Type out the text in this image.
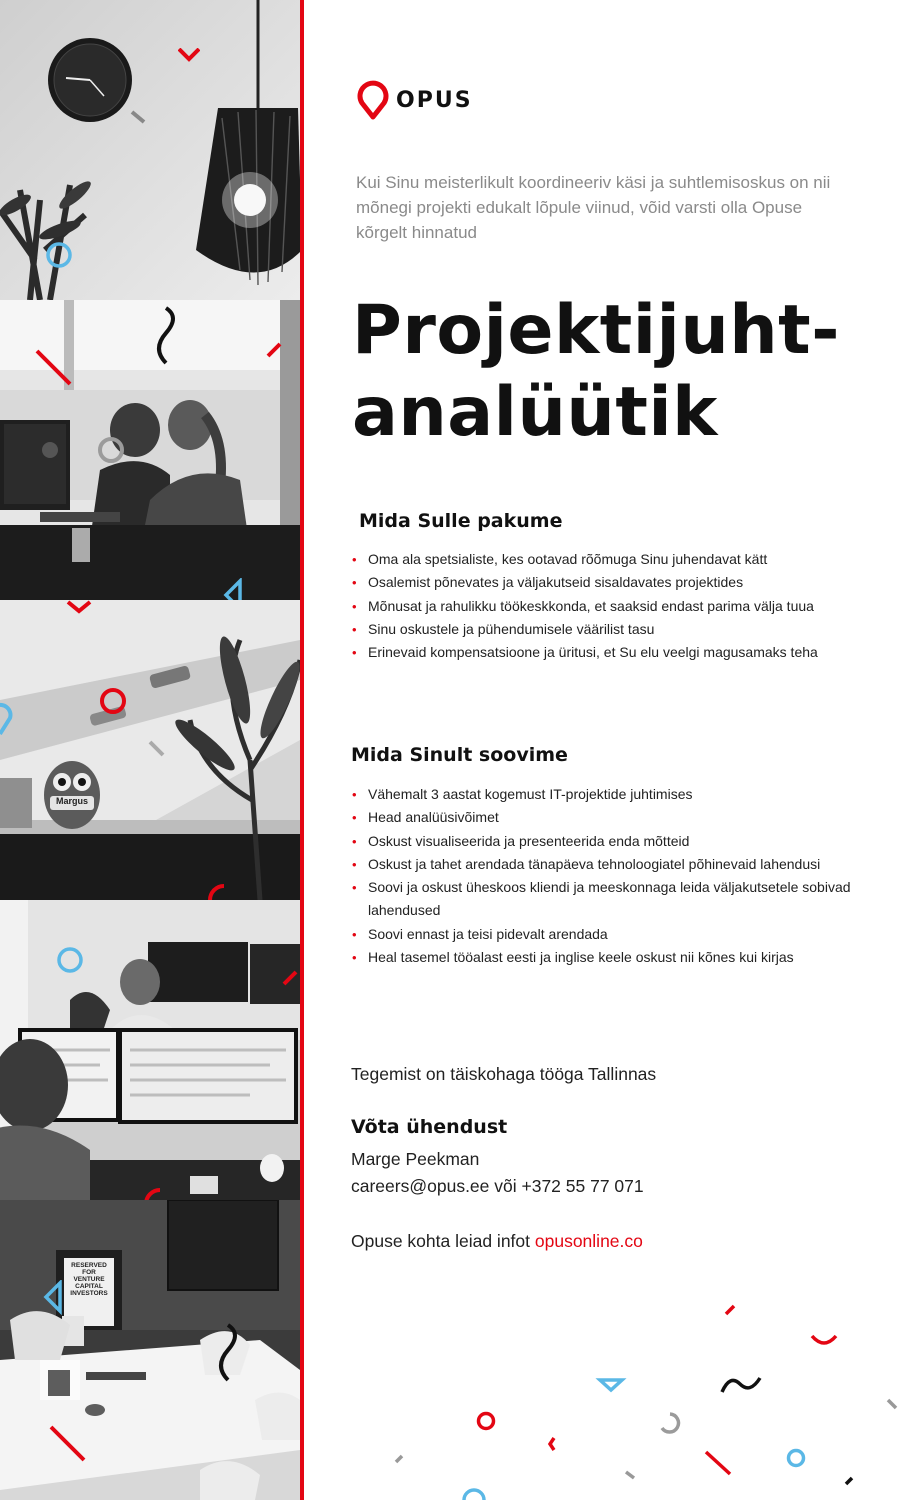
Margus
RESERVED FOR VENTURE CAPITAL INVESTORS
OPUS

Kui Sinu meisterlikult koordineeriv käsi ja suhtlemisoskus on nii mõnegi projekti edukalt lõpule viinud, võid varsti olla Opuse kõrgelt hinnatud

Projektijuht-
analüütik
Mida Sulle pakume
• Oma ala spetsialiste, kes ootavad rõõmuga Sinu juhendavat kätt
• Osalemist põnevates ja väljakutseid sisaldavates projektides
• Mõnusat ja rahulikku töökeskkonda, et saaksid endast parima välja tuua
• Sinu oskustele ja pühendumisele väärilist tasu
• Erinevaid kompensatsioone ja üritusi, et Su elu veelgi magusamaks teha
Mida Sinult soovime
• Vähemalt 3 aastat kogemust IT-projektide juhtimises
• Head analüüsivõimet
• Oskust visualiseerida ja presenteerida enda mõtteid
• Oskust ja tahet arendada tänapäeva tehnoloogiatel põhinevaid lahendusi
• Soovi ja oskust üheskoos kliendi ja meeskonnaga leida väljakutsetele sobivad lahendused
• Soovi ennast ja teisi pidevalt arendada
• Heal tasemel tööalast eesti ja inglise keele oskust nii kõnes kui kirjas

Tegemist on täiskohaga tööga Tallinnas

Võta ühendust

Marge Peekman

careers@opus.ee või +372 55 77 071

Opuse kohta leiad infot opusonline.co
